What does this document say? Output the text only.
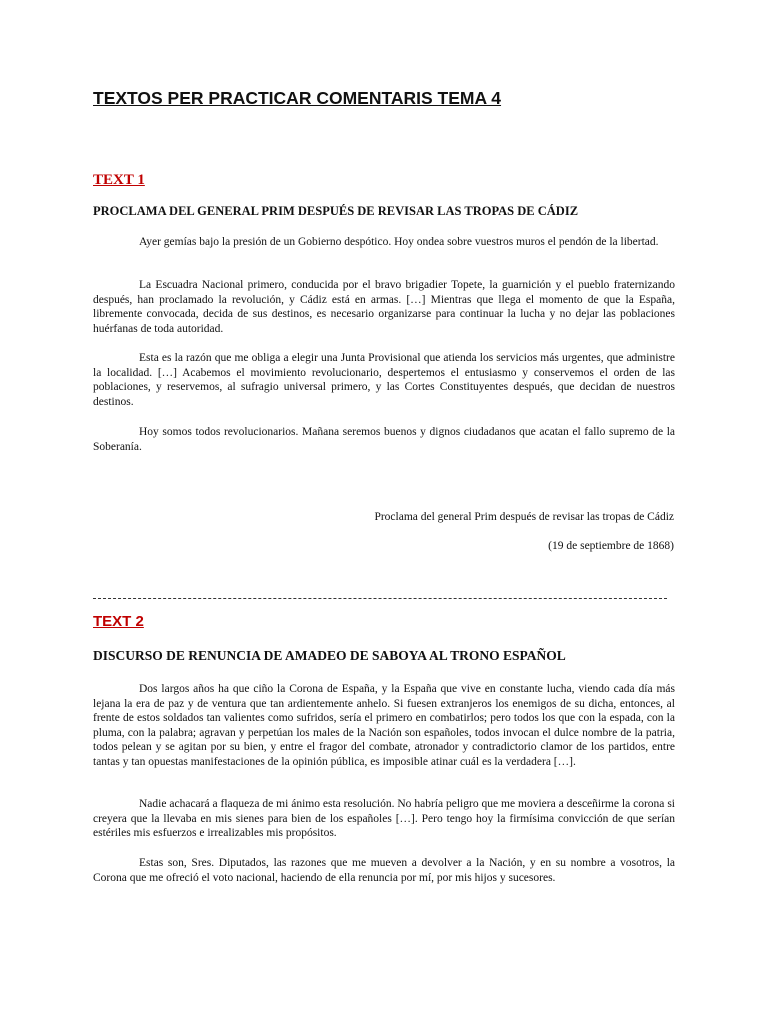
TEXTOS PER PRACTICAR COMENTARIS TEMA 4
TEXT 1
PROCLAMA DEL GENERAL PRIM DESPUÉS DE REVISAR LAS TROPAS DE CÁDIZ

Ayer gemías bajo la presión de un Gobierno despótico. Hoy ondea sobre vuestros muros el pendón de la libertad.

La Escuadra Nacional primero, conducida por el bravo brigadier Topete, la guarnición y el pueblo fraternizando después, han proclamado la revolución, y Cádiz está en armas. […] Mientras que llega el momento de que la España, libremente convocada, decida de sus destinos, es necesario organizarse para continuar la lucha y no dejar las poblaciones huérfanas de toda autoridad.

Esta es la razón que me obliga a elegir una Junta Provisional que atienda los servicios más urgentes, que administre la localidad. […] Acabemos el movimiento revolucionario, despertemos el entusiasmo y conservemos el orden de las poblaciones, y reservemos, al sufragio universal primero, y las Cortes Constituyentes después, que decidan de nuestros destinos.

Hoy somos todos revolucionarios. Mañana seremos buenos y dignos ciudadanos que acatan el fallo supremo de la Soberanía.

Proclama del general Prim después de revisar las tropas de Cádiz
(19 de septiembre de 1868)
TEXT 2
DISCURSO DE RENUNCIA DE AMADEO DE SABOYA AL TRONO ESPAÑOL

Dos largos años ha que ciño la Corona de España, y la España que vive en constante lucha, viendo cada día más lejana la era de paz y de ventura que tan ardientemente anhelo. Si fuesen extranjeros los enemigos de su dicha, entonces, al frente de estos soldados tan valientes como sufridos, sería el primero en combatirlos; pero todos los que con la espada, con la pluma, con la palabra; agravan y perpetúan los males de la Nación son españoles, todos invocan el dulce nombre de la patria, todos pelean y se agitan por su bien, y entre el fragor del combate, atronador y contradictorio clamor de los partidos, entre tantas y tan opuestas manifestaciones de la opinión pública, es imposible atinar cuál es la verdadera […].

Nadie achacará a flaqueza de mi ánimo esta resolución. No habría peligro que me moviera a desceñirme la corona si creyera que la llevaba en mis sienes para bien de los españoles […]. Pero tengo hoy la firmísima convicción de que serían estériles mis esfuerzos e irrealizables mis propósitos.

Estas son, Sres. Diputados, las razones que me mueven a devolver a la Nación, y en su nombre a vosotros, la Corona que me ofreció el voto nacional, haciendo de ella renuncia por mí, por mis hijos y sucesores.
